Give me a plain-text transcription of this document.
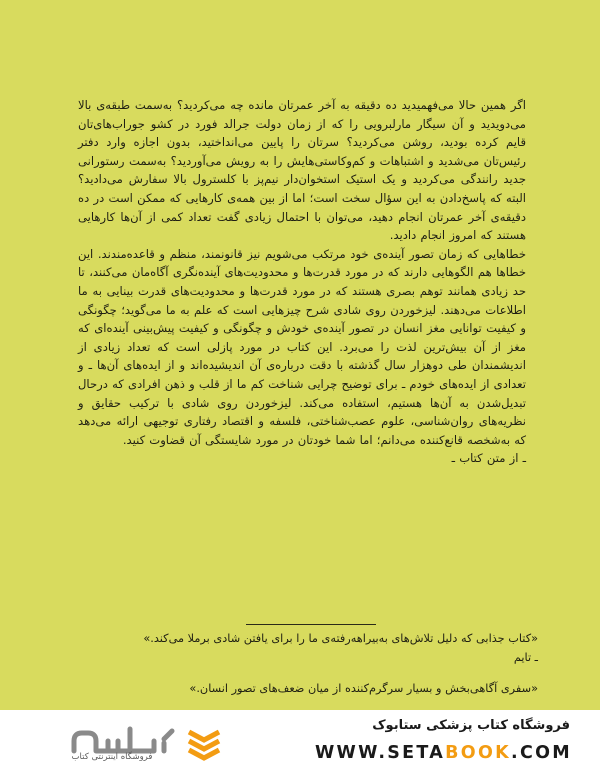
اگر همین حالا می‌فهمیدید ده دقیقه به آخر عمرتان مانده چه می‌کردید؟ به‌سمت طبقه‌ی بالا می‌دویدید و آن سیگار مارلبرویی را که از زمان دولت جرالد فورد در کشو جوراب‌های‌تان قایم کرده بودید، روشن می‌کردید؟ سرتان را پایین می‌انداختید، بدون اجازه وارد دفتر رئیس‌تان می‌شدید و اشتباهات و کم‌وکاستی‌هایش را به رویش می‌آوردید؟ به‌سمت رستورانی جدید رانندگی می‌کردید و یک استیک استخوان‌دار نیم‌پز با کلسترول بالا سفارش می‌دادید؟ البته که پاسخ‌دادن به این سؤال سخت است؛ اما از بین همه‌ی کارهایی که ممکن است در ده دقیقه‌ی آخر عمرتان انجام دهید، می‌توان با احتمال زیادی گفت تعداد کمی از آن‌ها کارهایی هستند که امروز انجام دادید.

خطاهایی که زمان تصور آینده‌ی خود مرتکب می‌شویم نیز قانونمند، منظم و قاعده‌مندند. این خطاها هم الگوهایی دارند که در مورد قدرت‌ها و محدودیت‌های آینده‌نگری آگاه‌مان می‌کنند، تا حد زیادی همانند توهم بصری هستند که در مورد قدرت‌ها و محدودیت‌های قدرت بینایی به ما اطلاعات می‌دهند. لیزخوردن روی شادی شرح چیزهایی است که علم به ما می‌گوید؛ چگونگی و کیفیت توانایی مغز انسان در تصور آینده‌ی خودش و چگونگی و کیفیت پیش‌بینی آینده‌ای که مغز از آن بیش‌ترین لذت را می‌برد. این کتاب در مورد پازلی است که تعداد زیادی از اندیشمندان طی دوهزار سال گذشته با دقت درباره‌ی آن اندیشیده‌اند و از ایده‌های آن‌ها ـ و تعدادی از ایده‌های خودم ـ برای توضیح چرایی شناخت کم ما از قلب و ذهن افرادی که درحال تبدیل‌شدن به آن‌ها هستیم، استفاده می‌کند. لیزخوردن روی شادی با ترکیب حقایق و نظریه‌های روان‌شناسی، علوم عصب‌شناختی، فلسفه و اقتصاد رفتاری توجیهی ارائه می‌دهد که به‌شخصه قانع‌کننده می‌دانم؛ اما شما خودتان در مورد شایستگی آن قضاوت کنید.

ـ از متن کتاب ـ

«کتاب جذابی که دلیل تلاش‌های به‌بیراهه‌رفته‌ی ما را برای یافتن شادی برملا می‌کند.»

ـ تایم

«سفری آگاهی‌بخش و بسیار سرگرم‌کننده از میان ضعف‌های تصور انسان.»

فروشگاه اینترنتی کتاب
فروشگاه کتاب پزشکی ستابوک
WWW.SETABOOK.COM
